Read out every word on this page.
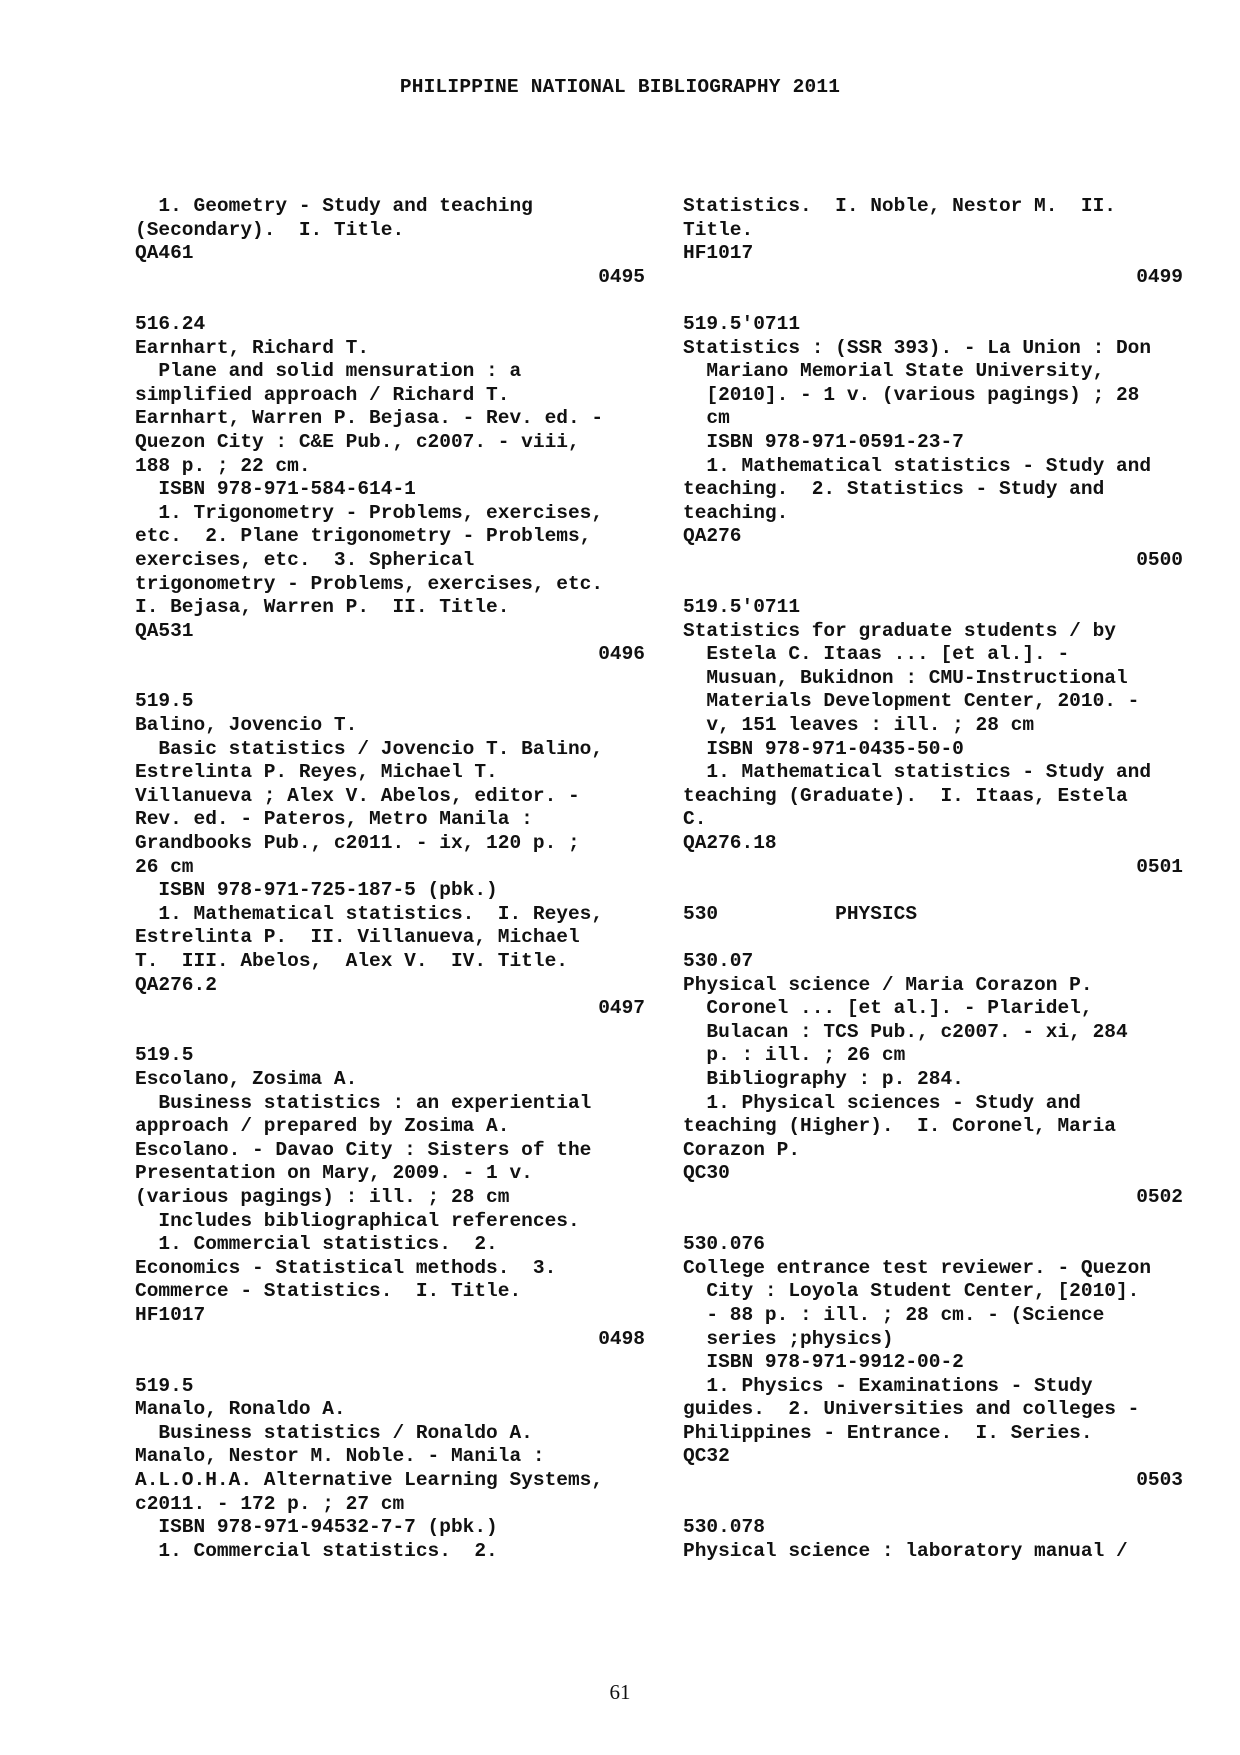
PHILIPPINE NATIONAL BIBLIOGRAPHY 2011
1. Geometry - Study and teaching
(Secondary).  I. Title.
QA461
0495
516.24
Earnhart, Richard T.
Plane and solid mensuration : a
simplified approach / Richard T.
Earnhart, Warren P. Bejasa. - Rev. ed. -
Quezon City : C&E Pub., c2007. - viii,
188 p. ; 22 cm.
ISBN 978-971-584-614-1
1. Trigonometry - Problems, exercises,
etc.  2. Plane trigonometry - Problems,
exercises, etc.  3. Spherical
trigonometry - Problems, exercises, etc.
I. Bejasa, Warren P.  II. Title.
QA531
0496
519.5
Balino, Jovencio T.
Basic statistics / Jovencio T. Balino,
Estrelinta P. Reyes, Michael T.
Villanueva ; Alex V. Abelos, editor. -
Rev. ed. - Pateros, Metro Manila :
Grandbooks Pub., c2011. - ix, 120 p. ;
26 cm
ISBN 978-971-725-187-5 (pbk.)
1. Mathematical statistics.  I. Reyes,
Estrelinta P.  II. Villanueva, Michael
T.  III. Abelos,  Alex V.  IV. Title.
QA276.2
0497
519.5
Escolano, Zosima A.
Business statistics : an experiential
approach / prepared by Zosima A.
Escolano. - Davao City : Sisters of the
Presentation on Mary, 2009. - 1 v.
(various pagings) : ill. ; 28 cm
Includes bibliographical references.
1. Commercial statistics.  2.
Economics - Statistical methods.  3.
Commerce - Statistics.  I. Title.
HF1017
0498
519.5
Manalo, Ronaldo A.
Business statistics / Ronaldo A.
Manalo, Nestor M. Noble. - Manila :
A.L.O.H.A. Alternative Learning Systems,
c2011. - 172 p. ; 27 cm
ISBN 978-971-94532-7-7 (pbk.)
1. Commercial statistics.  2.
Statistics.  I. Noble, Nestor M.  II.
Title.
HF1017
0499
519.5'0711
Statistics : (SSR 393). - La Union : Don
Mariano Memorial State University,
[2010]. - 1 v. (various pagings) ; 28
cm
ISBN 978-971-0591-23-7
1. Mathematical statistics - Study and
teaching.  2. Statistics - Study and
teaching.
QA276
0500
519.5'0711
Statistics for graduate students / by
Estela C. Itaas ... [et al.]. -
Musuan, Bukidnon : CMU-Instructional
Materials Development Center, 2010. -
v, 151 leaves : ill. ; 28 cm
ISBN 978-971-0435-50-0
1. Mathematical statistics - Study and
teaching (Graduate).  I. Itaas, Estela
C.
QA276.18
0501
530          PHYSICS
530.07
Physical science / Maria Corazon P.
Coronel ... [et al.]. - Plaridel,
Bulacan : TCS Pub., c2007. - xi, 284
p. : ill. ; 26 cm
Bibliography : p. 284.
1. Physical sciences - Study and
teaching (Higher).  I. Coronel, Maria
Corazon P.
QC30
0502
530.076
College entrance test reviewer. - Quezon
City : Loyola Student Center, [2010].
- 88 p. : ill. ; 28 cm. - (Science
series ;physics)
ISBN 978-971-9912-00-2
1. Physics - Examinations - Study
guides.  2. Universities and colleges -
Philippines - Entrance.  I. Series.
QC32
0503
530.078
Physical science : laboratory manual /
61
